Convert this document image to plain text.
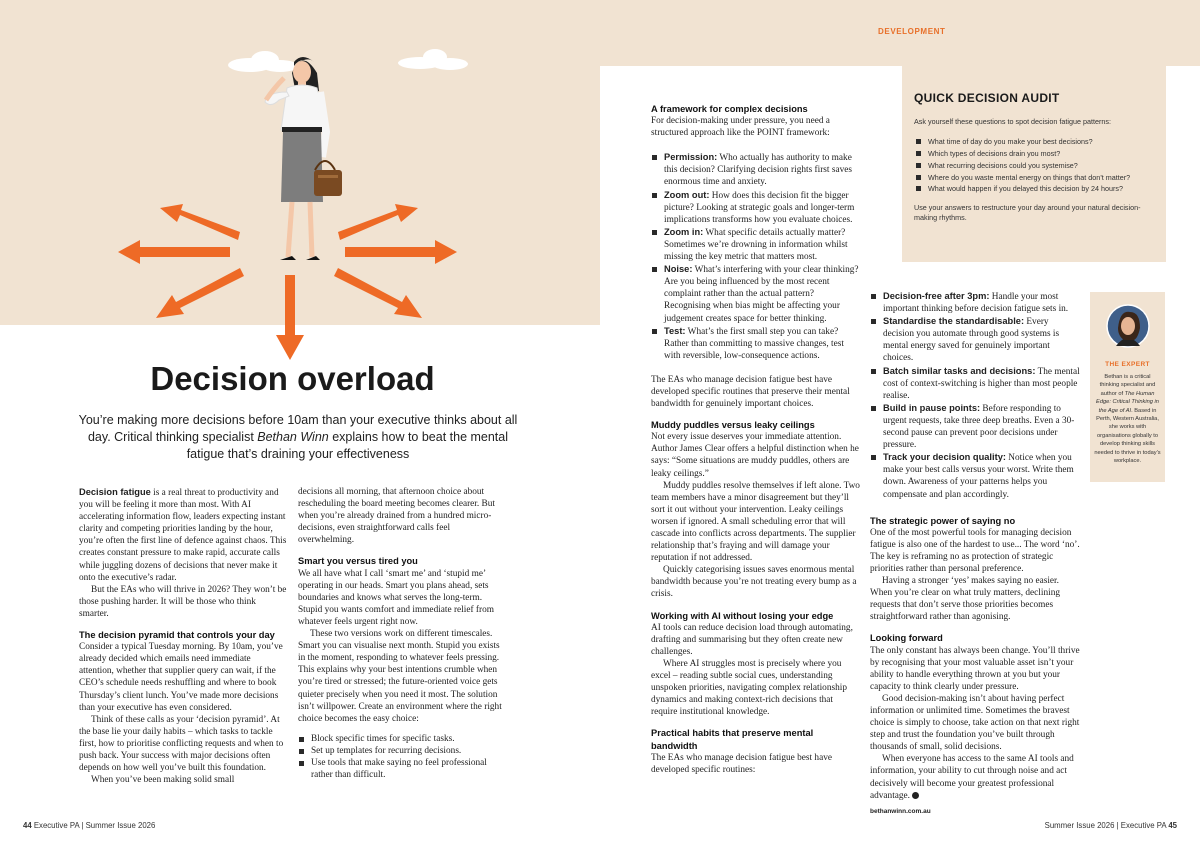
DEVELOPMENT
Decision overload

You’re making more decisions before 10am than your executive thinks about all day. Critical thinking specialist Bethan Winn explains how to beat the mental fatigue that’s draining your effectiveness

Decision fatigue is a real threat to productivity and you will be feeling it more than most. With AI accelerating information flow, leaders expecting instant clarity and competing priorities landing by the hour, you’re often the first line of defence against chaos. This creates constant pressure to make rapid, accurate calls while juggling dozens of decisions that never make it onto the executive’s radar.

But the EAs who will thrive in 2026? They won’t be those pushing harder. It will be those who think smarter.

The decision pyramid that controls your day

Consider a typical Tuesday morning. By 10am, you’ve already decided which emails need immediate attention, whether that supplier query can wait, if the CEO’s schedule needs reshuffling and where to book Thursday’s client lunch. You’ve made more decisions than your executive has even considered.

Think of these calls as your ‘decision pyramid’. At the base lie your daily habits – which tasks to tackle first, how to prioritise conflicting requests and when to push back. Your success with major decisions often depends on how well you’ve built this foundation.

When you’ve been making solid small

decisions all morning, that afternoon choice about rescheduling the board meeting becomes clearer. But when you’re already drained from a hundred micro-decisions, even straightforward calls feel overwhelming.

Smart you versus tired you

We all have what I call ‘smart me’ and ‘stupid me’ operating in our heads. Smart you plans ahead, sets boundaries and knows what serves the long-term. Stupid you wants comfort and immediate relief from whatever feels urgent right now.

These two versions work on different timescales. Smart you can visualise next month. Stupid you exists in the moment, responding to whatever feels pressing. This explains why your best intentions crumble when you’re tired or stressed; the future-oriented voice gets quieter precisely when you need it most. The solution isn’t willpower. Create an environment where the right choice becomes the easy choice:

Block specific times for specific tasks.
Set up templates for recurring decisions.
Use tools that make saying no feel professional rather than difficult.
A framework for complex decisions

For decision-making under pressure, you need a structured approach like the POINT framework:

Permission: Who actually has authority to make this decision? Clarifying decision rights first saves enormous time and anxiety.
Zoom out: How does this decision fit the bigger picture? Looking at strategic goals and longer-term implications transforms how you evaluate choices.
Zoom in: What specific details actually matter? Sometimes we’re drowning in information whilst missing the key metric that matters most.
Noise: What’s interfering with your clear thinking? Are you being influenced by the most recent complaint rather than the actual pattern? Recognising when bias might be affecting your judgement creates space for better thinking.
Test: What’s the first small step you can take? Rather than committing to massive changes, test with reversible, low-consequence actions.

The EAs who manage decision fatigue best have developed specific routines that preserve their mental bandwidth for genuinely important choices.

Muddy puddles versus leaky ceilings

Not every issue deserves your immediate attention. Author James Clear offers a helpful distinction when he says: “Some situations are muddy puddles, others are leaky ceilings.”

Muddy puddles resolve themselves if left alone. Two team members have a minor disagreement but they’ll sort it out without your intervention. Leaky ceilings worsen if ignored. A small scheduling error that will cascade into conflicts across departments. The supplier relationship that’s fraying and will damage your reputation if not addressed.

Quickly categorising issues saves enormous mental bandwidth because you’re not treating every bump as a crisis.

Working with AI without losing your edge

AI tools can reduce decision load through automating, drafting and summarising but they often create new challenges.

Where AI struggles most is precisely where you excel – reading subtle social cues, understanding unspoken priorities, navigating complex relationship dynamics and making context-rich decisions that require institutional knowledge.

Practical habits that preserve mental bandwidth

The EAs who manage decision fatigue best have developed specific routines:

QUICK DECISION AUDIT

Ask yourself these questions to spot decision fatigue patterns:

What time of day do you make your best decisions?
Which types of decisions drain you most?
What recurring decisions could you systemise?
Where do you waste mental energy on things that don’t matter?
What would happen if you delayed this decision by 24 hours?

Use your answers to restructure your day around your natural decision-making rhythms.

Decision-free after 3pm: Handle your most important thinking before decision fatigue sets in.
Standardise the standardisable: Every decision you automate through good systems is mental energy saved for genuinely important choices.
Batch similar tasks and decisions: The mental cost of context-switching is higher than most people realise.
Build in pause points: Before responding to urgent requests, take three deep breaths. Even a 30-second pause can prevent poor decisions under pressure.
Track your decision quality: Notice when you make your best calls versus your worst. Write them down. Awareness of your patterns helps you compensate and plan accordingly.
The strategic power of saying no

One of the most powerful tools for managing decision fatigue is also one of the hardest to use... The word ‘no’. The key is reframing no as protection of strategic priorities rather than personal preference.

Having a stronger ‘yes’ makes saying no easier. When you’re clear on what truly matters, declining requests that don’t serve those priorities becomes straightforward rather than agonising.

Looking forward

The only constant has always been change. You’ll thrive by recognising that your most valuable asset isn’t your ability to handle everything thrown at you but your capacity to think clearly under pressure.

Good decision-making isn’t about having perfect information or unlimited time. Sometimes the bravest choice is simply to choose, take action on that next right step and trust the foundation you’ve built through thousands of small, solid decisions.

When everyone has access to the same AI tools and information, your ability to cut through noise and act decisively will become your greatest professional advantage.

bethanwinn.com.au

THE EXPERT
Bethan is a critical thinking specialist and author of The Human Edge: Critical Thinking in the Age of AI. Based in Perth, Western Australia, she works with organisations globally to develop thinking skills needed to thrive in today’s workplace.
44 Executive PA | Summer Issue 2026	Summer Issue 2026 | Executive PA 45
